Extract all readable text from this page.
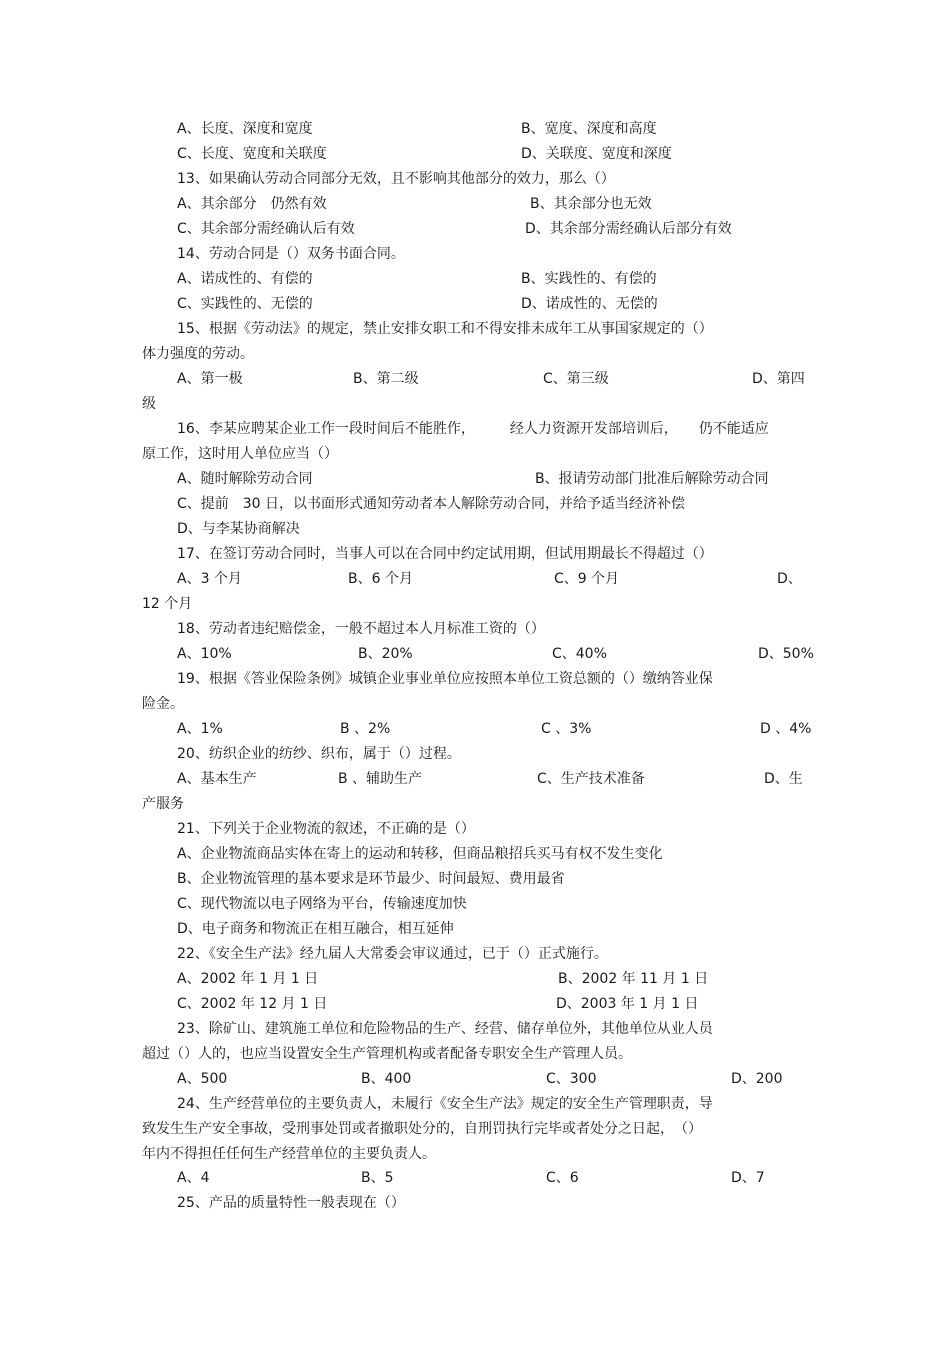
A、长度、深度和宽度	B、宽度、深度和高度
C、长度、宽度和关联度	D、关联度、宽度和深度
13、如果确认劳动合同部分无效，且不影响其他部分的效力，那么（）
A、其余部分　仍然有效	B、其余部分也无效
C、其余部分需经确认后有效	D、其余部分需经确认后部分有效
14、劳动合同是（）双务书面合同。
A、诺成性的、有偿的	B、实践性的、有偿的
C、实践性的、无偿的	D、诺成性的、无偿的
15、根据《劳动法》的规定，禁止安排女职工和不得安排未成年工从事国家规定的（）
体力强度的劳动。
A、第一极	B、第二级	C、第三级	D、第四
级
16、李某应聘某企业工作一段时间后不能胜作，　　　经人力资源开发部培训后，　　仍不能适应
原工作，这时用人单位应当（）
A、随时解除劳动合同	B、报请劳动部门批准后解除劳动合同
C、提前　30 日，以书面形式通知劳动者本人解除劳动合同，并给予适当经济补偿
D、与李某协商解决
17、在签订劳动合同时，当事人可以在合同中约定试用期，但试用期最长不得超过（）
A、3 个月	B、6 个月	C、9 个月	D、
12 个月
18、劳动者违纪赔偿金，一般不超过本人月标准工资的（）
A、10%	B、20%	C、40%	D、50%
19、根据《答业保险条例》城镇企业事业单位应按照本单位工资总额的（）缴纳答业保
险金。
A、1%	B 、2%	C 、3%	D 、4%
20、纺织企业的纺纱、织布，属于（）过程。
A、基本生产	B 、辅助生产	C、生产技术准备	D、生
产服务
21、下列关于企业物流的叙述，不正确的是（）
A、企业物流商品实体在寄上的运动和转移，但商品粮招兵买马有权不发生变化
B、企业物流管理的基本要求是环节最少、时间最短、费用最省
C、现代物流以电子网络为平台，传输速度加快
D、电子商务和物流正在相互融合，相互延伸
22、《安全生产法》经九届人大常委会审议通过，已于（）正式施行。
A、2002 年 1 月 1 日	B、2002 年 11 月 1 日
C、2002 年 12 月 1 日	D、2003 年 1 月 1 日
23、除矿山、建筑施工单位和危险物品的生产、经营、储存单位外，其他单位从业人员
超过（）人的，也应当设置安全生产管理机构或者配备专职安全生产管理人员。
A、500	B、400	C、300	D、200
24、生产经营单位的主要负责人，未履行《安全生产法》规定的安全生产管理职责，导
致发生生产安全事故，受刑事处罚或者撤职处分的，自刑罚执行完毕或者处分之日起，　（）
年内不得担任任何生产经营单位的主要负责人。
A、4	B、5	C、6	D、7
25、产品的质量特性一般表现在（）
